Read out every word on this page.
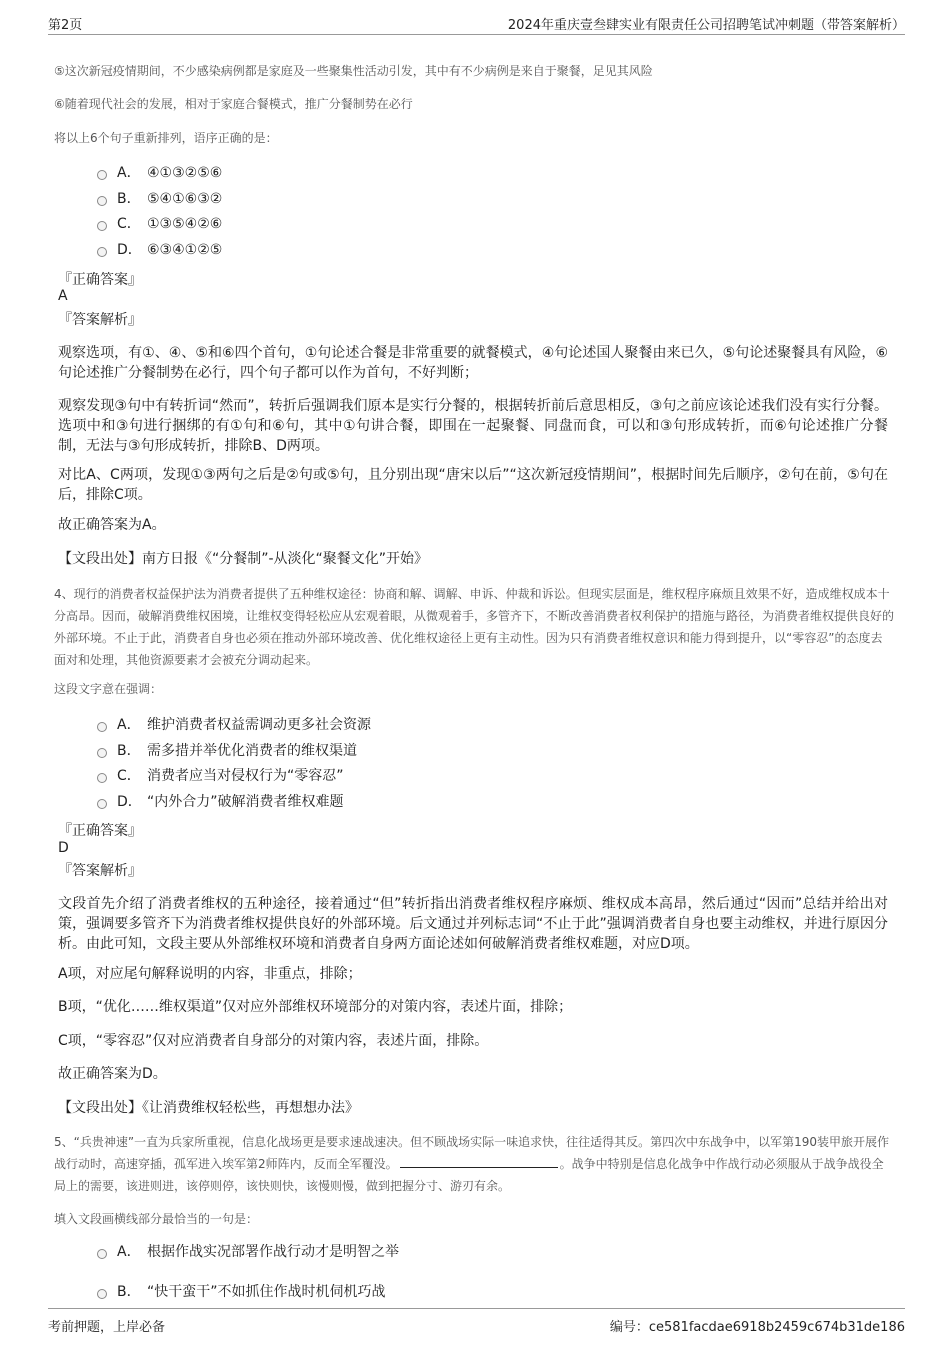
第2页	2024年重庆壹叁肆实业有限责任公司招聘笔试冲刺题（带答案解析）
⑤这次新冠疫情期间，不少感染病例都是家庭及一些聚集性活动引发，其中有不少病例是来自于聚餐，足见其风险
⑥随着现代社会的发展，相对于家庭合餐模式，推广分餐制势在必行
将以上6个句子重新排列，语序正确的是：
A． ④①③②⑤⑥
B． ⑤④①⑥③②
C． ①③⑤④②⑥
D． ⑥③④①②⑤
『正确答案』
A
『答案解析』
观察选项，有①、④、⑤和⑥四个首句，①句论述合餐是非常重要的就餐模式，④句论述国人聚餐由来已久，⑤句论述聚餐具有风险，⑥句论述推广分餐制势在必行，四个句子都可以作为首句，不好判断；
观察发现③句中有转折词“然而”，转折后强调我们原本是实行分餐的，根据转折前后意思相反，③句之前应该论述我们没有实行分餐。选项中和③句进行捆绑的有①句和⑥句，其中①句讲合餐，即围在一起聚餐、同盘而食，可以和③句形成转折，而⑥句论述推广分餐制，无法与③句形成转折，排除B、D两项。
对比A、C两项，发现①③两句之后是②句或⑤句，且分别出现“唐宋以后”“这次新冠疫情期间”，根据时间先后顺序，②句在前，⑤句在后，排除C项。
故正确答案为A。
【文段出处】南方日报《“分餐制”-从淡化“聚餐文化”开始》
4、现行的消费者权益保护法为消费者提供了五种维权途径：协商和解、调解、申诉、仲裁和诉讼。但现实层面是，维权程序麻烦且效果不好，造成维权成本十分高昂。因而，破解消费维权困境，让维权变得轻松应从宏观着眼，从微观着手，多管齐下，不断改善消费者权利保护的措施与路径，为消费者维权提供良好的外部环境。不止于此，消费者自身也必须在推动外部环境改善、优化维权途径上更有主动性。因为只有消费者维权意识和能力得到提升，以“零容忍”的态度去面对和处理，其他资源要素才会被充分调动起来。
这段文字意在强调：
A． 维护消费者权益需调动更多社会资源
B． 需多措并举优化消费者的维权渠道
C． 消费者应当对侵权行为“零容忍”
D． “内外合力”破解消费者维权难题
『正确答案』
D
『答案解析』
文段首先介绍了消费者维权的五种途径，接着通过“但”转折指出消费者维权程序麻烦、维权成本高昂，然后通过“因而”总结并给出对策，强调要多管齐下为消费者维权提供良好的外部环境。后文通过并列标志词“不止于此”强调消费者自身也要主动维权，并进行原因分析。由此可知，文段主要从外部维权环境和消费者自身两方面论述如何破解消费者维权难题，对应D项。
A项，对应尾句解释说明的内容，非重点，排除；
B项，“优化……维权渠道”仅对应外部维权环境部分的对策内容，表述片面，排除；
C项，“零容忍”仅对应消费者自身部分的对策内容，表述片面，排除。
故正确答案为D。
【文段出处】《让消费维权轻松些，再想想办法》
5、“兵贵神速”一直为兵家所重视，信息化战场更是要求速战速决。但不顾战场实际一味追求快，往往适得其反。第四次中东战争中，以军第190装甲旅开展作战行动时，高速穿插，孤军进入埃军第2师阵内，反而全军覆没。	。战争中特别是信息化战争中作战行动必须服从于战争战役全局上的需要，该进则进，该停则停，该快则快，该慢则慢，做到把握分寸、游刃有余。
填入文段画横线部分最恰当的一句是：
A． 根据作战实况部署作战行动才是明智之举
B． “快干蛮干”不如抓住作战时机伺机巧战
考前押题，上岸必备	编号：ce581facdae6918b2459c674b31de186
